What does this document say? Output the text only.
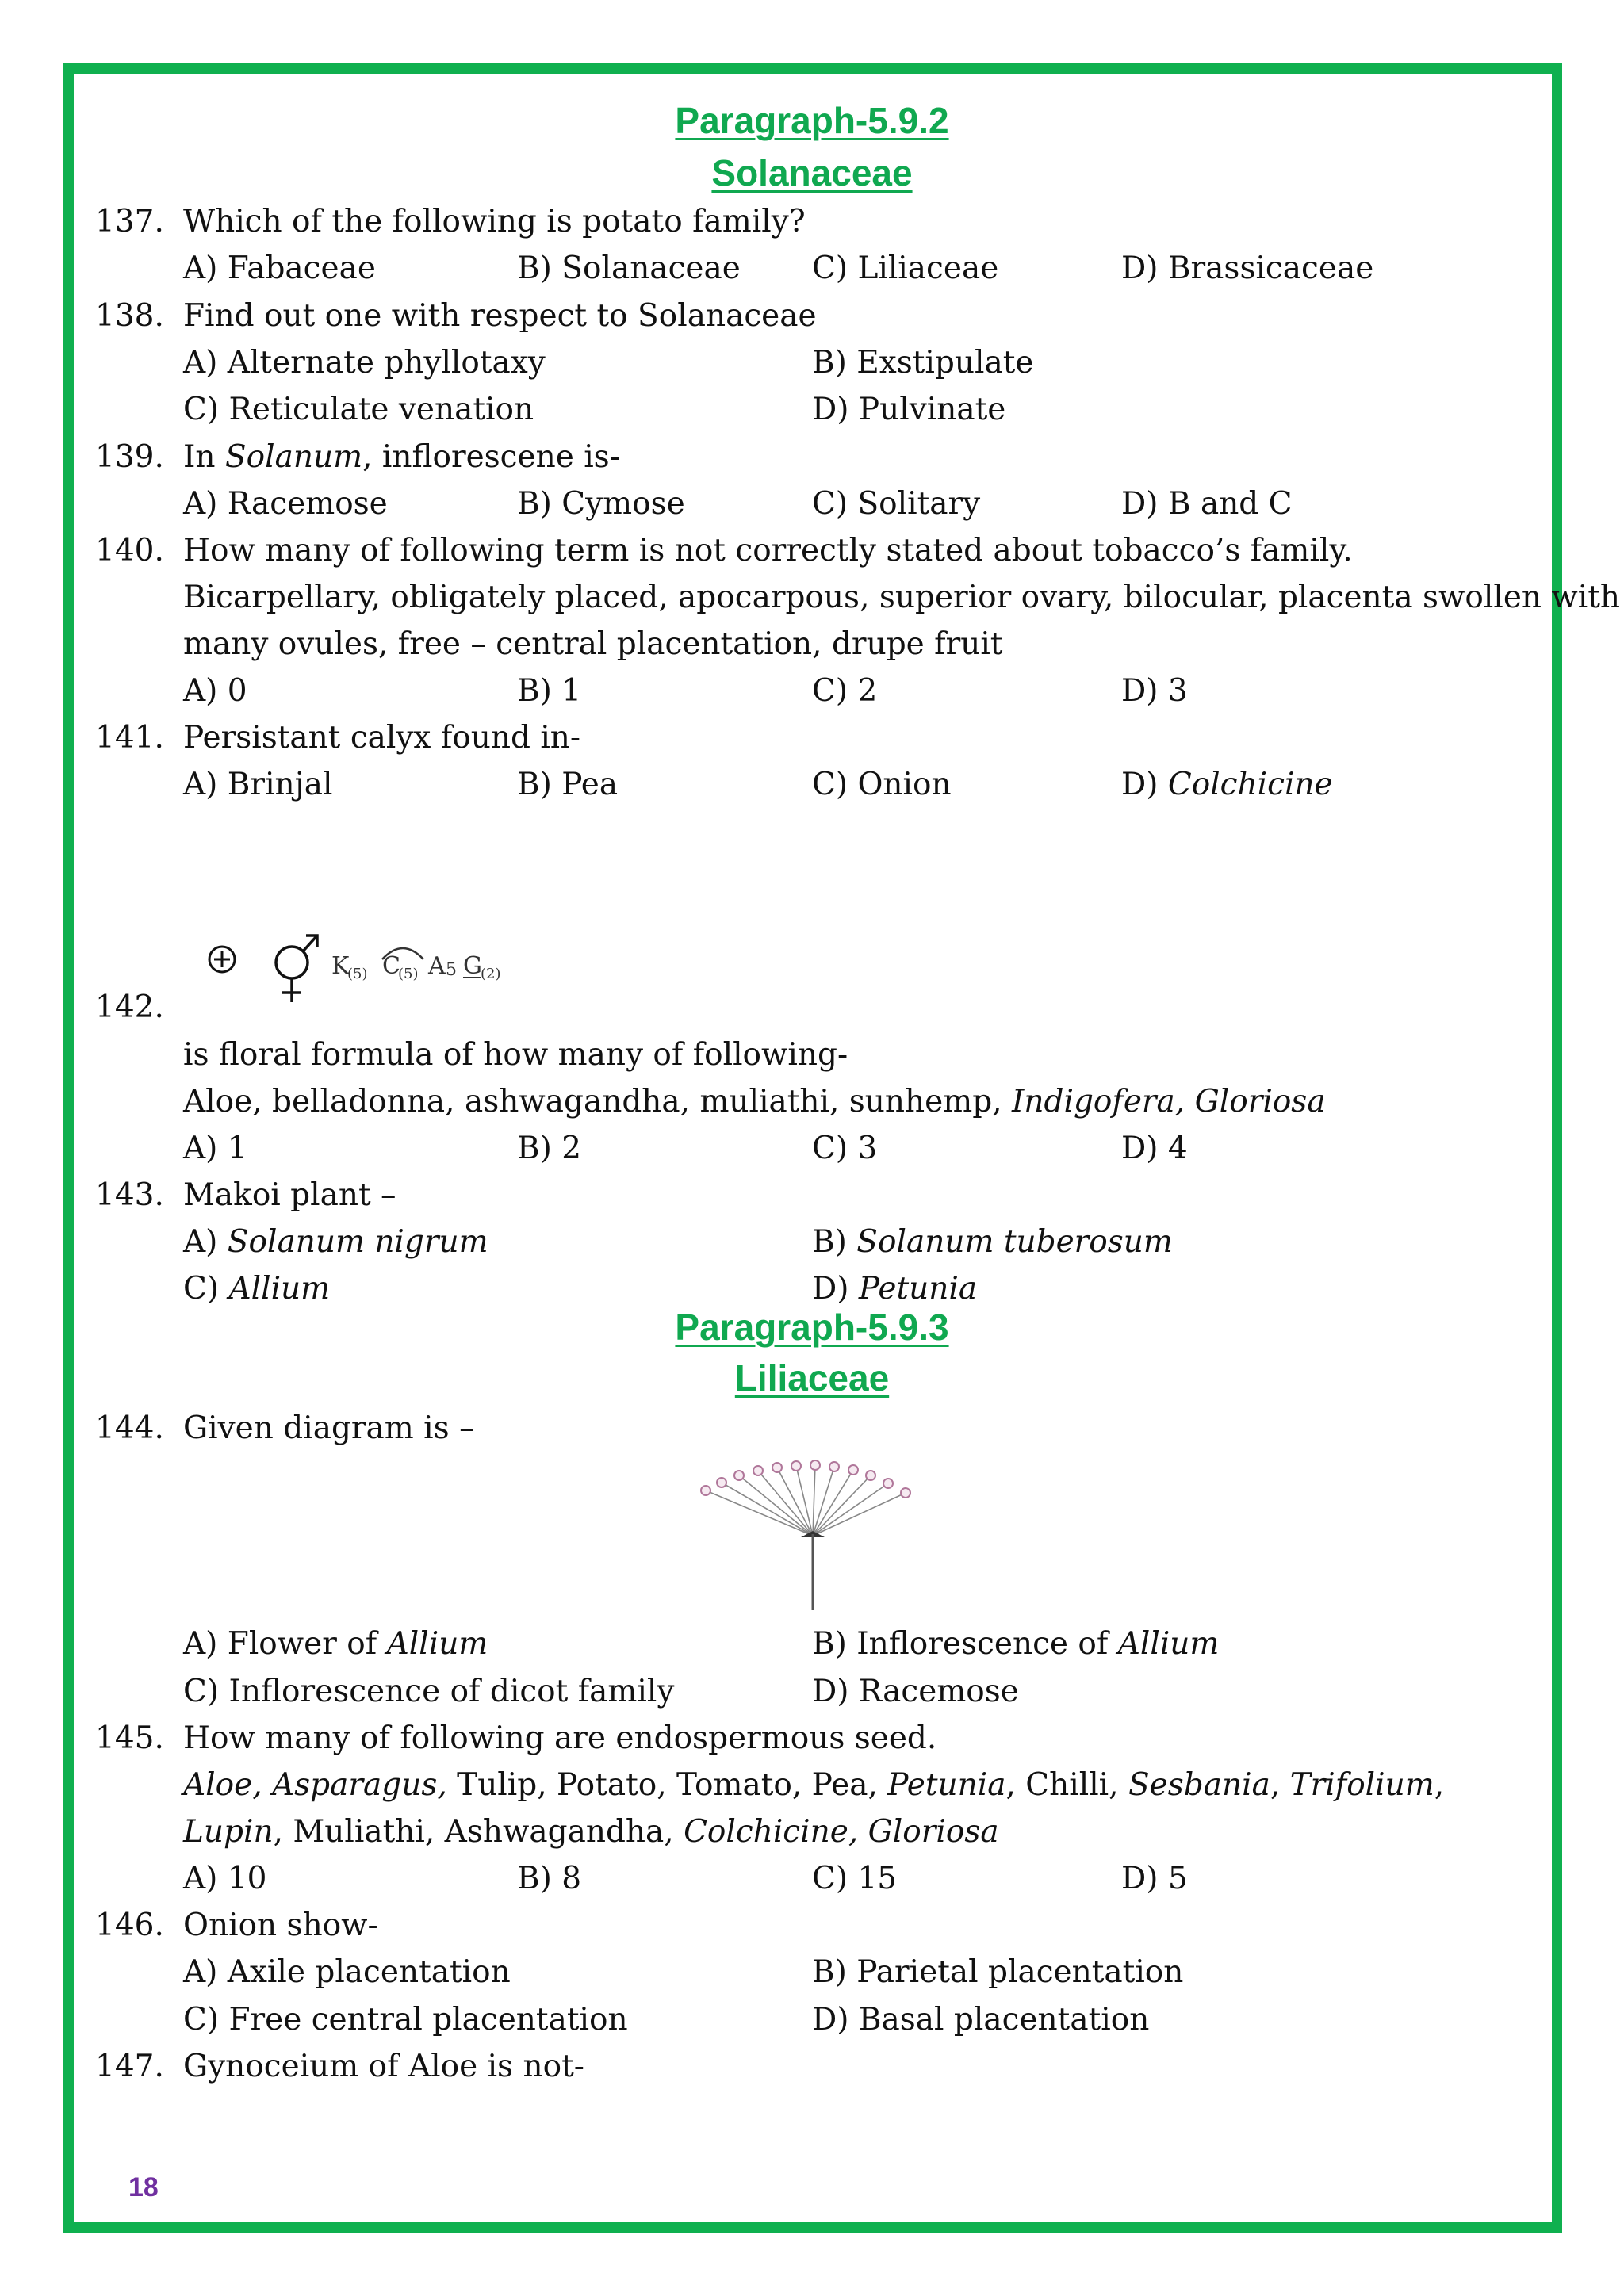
Paragraph-5.9.2
Solanaceae
137. Which of the following is potato family?
A) Fabaceae	B) Solanaceae C) Liliaceae	D) Brassicaceae
138. Find out one with respect to Solanaceae
A) Alternate phyllotaxy	B) Exstipulate
C) Reticulate venation	D) Pulvinate
139. In Solanum, inflorescene is-
A) Racemose	B) Cymose	C) Solitary	D) B and C
140. How many of following term is not correctly stated about tobacco’s family.
Bicarpellary, obligately placed, apocarpous, superior ovary, bilocular, placenta swollen with
many ovules, free – central placentation, drupe fruit
A) 0	B) 1	C) 2	D) 3
141. Persistant calyx found in-
A) Brinjal	B) Pea	C) Onion	D) Colchicine
K
(5) C
(5) A 5 G
(2)
142.
is floral formula of how many of following-
Aloe, belladonna, ashwagandha, muliathi, sunhemp, Indigofera, Gloriosa
A) 1	B) 2	C) 3	D) 4
143. Makoi plant –
A) Solanum nigrum	B) Solanum tuberosum
C) Allium	D) Petunia
Paragraph-5.9.3
Liliaceae
144. Given diagram is –
A) Flower of Allium	B) Inflorescence of Allium
C) Inflorescence of dicot family	D) Racemose
145. How many of following are endospermous seed.
Aloe, Asparagus, Tulip, Potato, Tomato, Pea, Petunia, Chilli, Sesbania, Trifolium,
Lupin, Muliathi, Ashwagandha, Colchicine, Gloriosa
A) 10	B) 8	C) 15	D) 5
146. Onion show-
A) Axile placentation	B) Parietal placentation
C) Free central placentation	D) Basal placentation
147. Gynoceium of Aloe is not-
18
